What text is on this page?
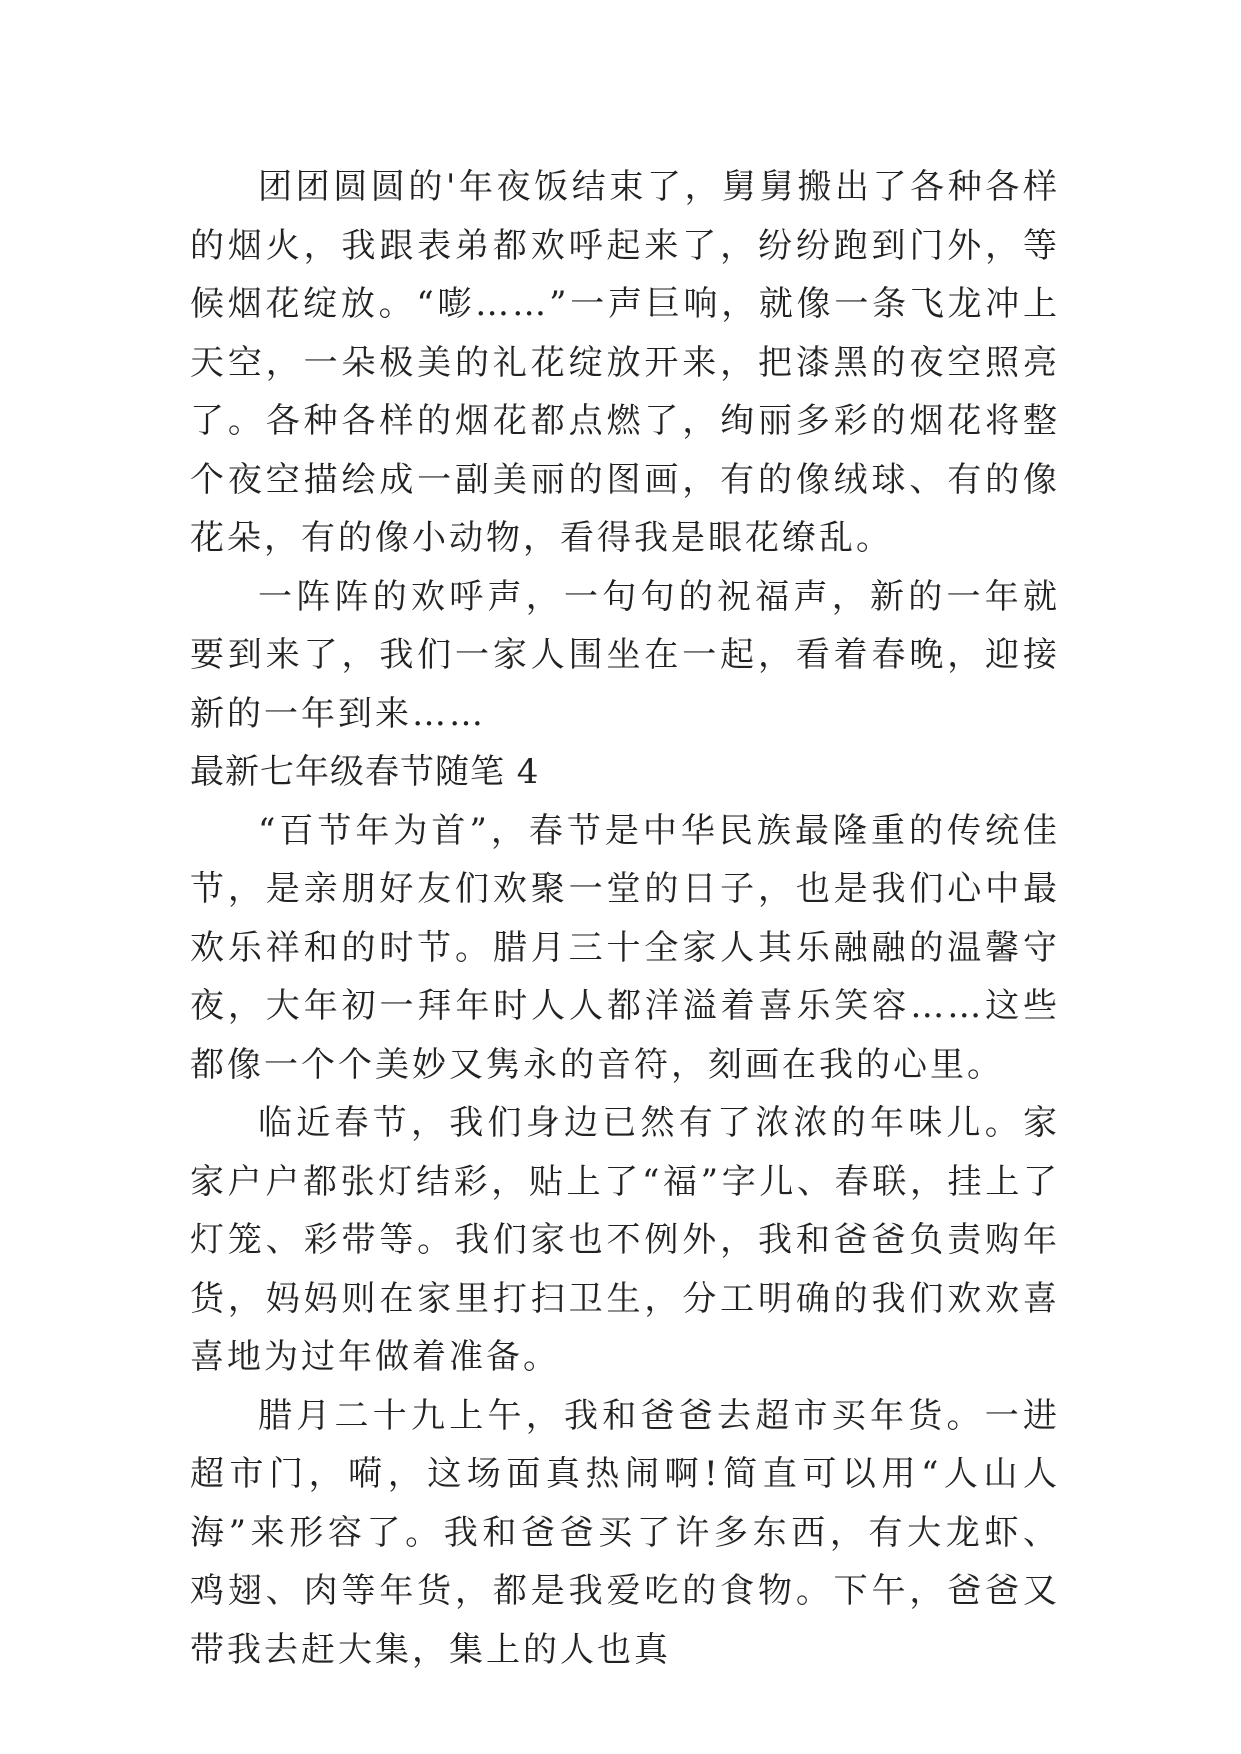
团团圆圆的'年夜饭结束了，舅舅搬出了各种各样的烟火，我跟表弟都欢呼起来了，纷纷跑到门外，等候烟花绽放。“嘭……”一声巨响，就像一条飞龙冲上天空，一朵极美的礼花绽放开来，把漆黑的夜空照亮了。各种各样的烟花都点燃了，绚丽多彩的烟花将整个夜空描绘成一副美丽的图画，有的像绒球、有的像花朵，有的像小动物，看得我是眼花缭乱。

一阵阵的欢呼声，一句句的祝福声，新的一年就要到来了，我们一家人围坐在一起，看着春晚，迎接新的一年到来……

最新七年级春节随笔 4

“百节年为首”，春节是中华民族最隆重的传统佳节，是亲朋好友们欢聚一堂的日子，也是我们心中最欢乐祥和的时节。腊月三十全家人其乐融融的温馨守夜，大年初一拜年时人人都洋溢着喜乐笑容……这些都像一个个美妙又隽永的音符，刻画在我的心里。

临近春节，我们身边已然有了浓浓的年味儿。家家户户都张灯结彩，贴上了“福”字儿、春联，挂上了灯笼、彩带等。我们家也不例外，我和爸爸负责购年货，妈妈则在家里打扫卫生，分工明确的我们欢欢喜喜地为过年做着准备。

腊月二十九上午，我和爸爸去超市买年货。一进超市门，嗬，这场面真热闹啊!简直可以用“人山人海”来形容了。我和爸爸买了许多东西，有大龙虾、鸡翅、肉等年货，都是我爱吃的食物。下午，爸爸又带我去赶大集，集上的人也真
